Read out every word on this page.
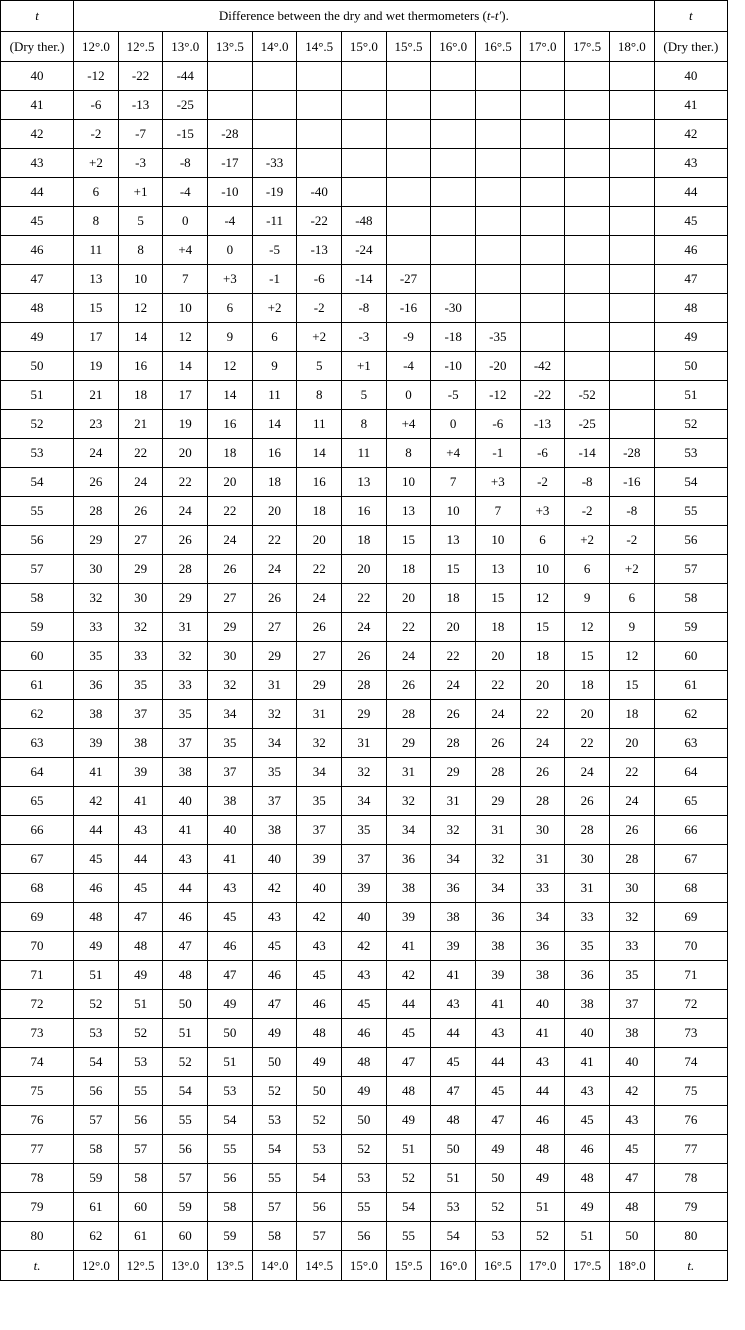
t	Difference between the dry and wet thermometers (t-t′).													t
(Dry ther.)	12°.0	12°.5	13°.0	13°.5	14°.0	14°.5	15°.0	15°.5	16°.0	16°.5	17°.0	17°.5	18°.0	(Dry ther.)
40	-12	-22	-44											40
41	-6	-13	-25											41
42	-2	-7	-15	-28										42
43	+2	-3	-8	-17	-33									43
44	6	+1	-4	-10	-19	-40								44
45	8	5	0	-4	-11	-22	-48							45
46	11	8	+4	0	-5	-13	-24							46
47	13	10	7	+3	-1	-6	-14	-27						47
48	15	12	10	6	+2	-2	-8	-16	-30					48
49	17	14	12	9	6	+2	-3	-9	-18	-35				49
50	19	16	14	12	9	5	+1	-4	-10	-20	-42			50
51	21	18	17	14	11	8	5	0	-5	-12	-22	-52		51
52	23	21	19	16	14	11	8	+4	0	-6	-13	-25		52
53	24	22	20	18	16	14	11	8	+4	-1	-6	-14	-28	53
54	26	24	22	20	18	16	13	10	7	+3	-2	-8	-16	54
55	28	26	24	22	20	18	16	13	10	7	+3	-2	-8	55
56	29	27	26	24	22	20	18	15	13	10	6	+2	-2	56
57	30	29	28	26	24	22	20	18	15	13	10	6	+2	57
58	32	30	29	27	26	24	22	20	18	15	12	9	6	58
59	33	32	31	29	27	26	24	22	20	18	15	12	9	59
60	35	33	32	30	29	27	26	24	22	20	18	15	12	60
61	36	35	33	32	31	29	28	26	24	22	20	18	15	61
62	38	37	35	34	32	31	29	28	26	24	22	20	18	62
63	39	38	37	35	34	32	31	29	28	26	24	22	20	63
64	41	39	38	37	35	34	32	31	29	28	26	24	22	64
65	42	41	40	38	37	35	34	32	31	29	28	26	24	65
66	44	43	41	40	38	37	35	34	32	31	30	28	26	66
67	45	44	43	41	40	39	37	36	34	32	31	30	28	67
68	46	45	44	43	42	40	39	38	36	34	33	31	30	68
69	48	47	46	45	43	42	40	39	38	36	34	33	32	69
70	49	48	47	46	45	43	42	41	39	38	36	35	33	70
71	51	49	48	47	46	45	43	42	41	39	38	36	35	71
72	52	51	50	49	47	46	45	44	43	41	40	38	37	72
73	53	52	51	50	49	48	46	45	44	43	41	40	38	73
74	54	53	52	51	50	49	48	47	45	44	43	41	40	74
75	56	55	54	53	52	50	49	48	47	45	44	43	42	75
76	57	56	55	54	53	52	50	49	48	47	46	45	43	76
77	58	57	56	55	54	53	52	51	50	49	48	46	45	77
78	59	58	57	56	55	54	53	52	51	50	49	48	47	78
79	61	60	59	58	57	56	55	54	53	52	51	49	48	79
80	62	61	60	59	58	57	56	55	54	53	52	51	50	80
t.	12°.0	12°.5	13°.0	13°.5	14°.0	14°.5	15°.0	15°.5	16°.0	16°.5	17°.0	17°.5	18°.0	t.
